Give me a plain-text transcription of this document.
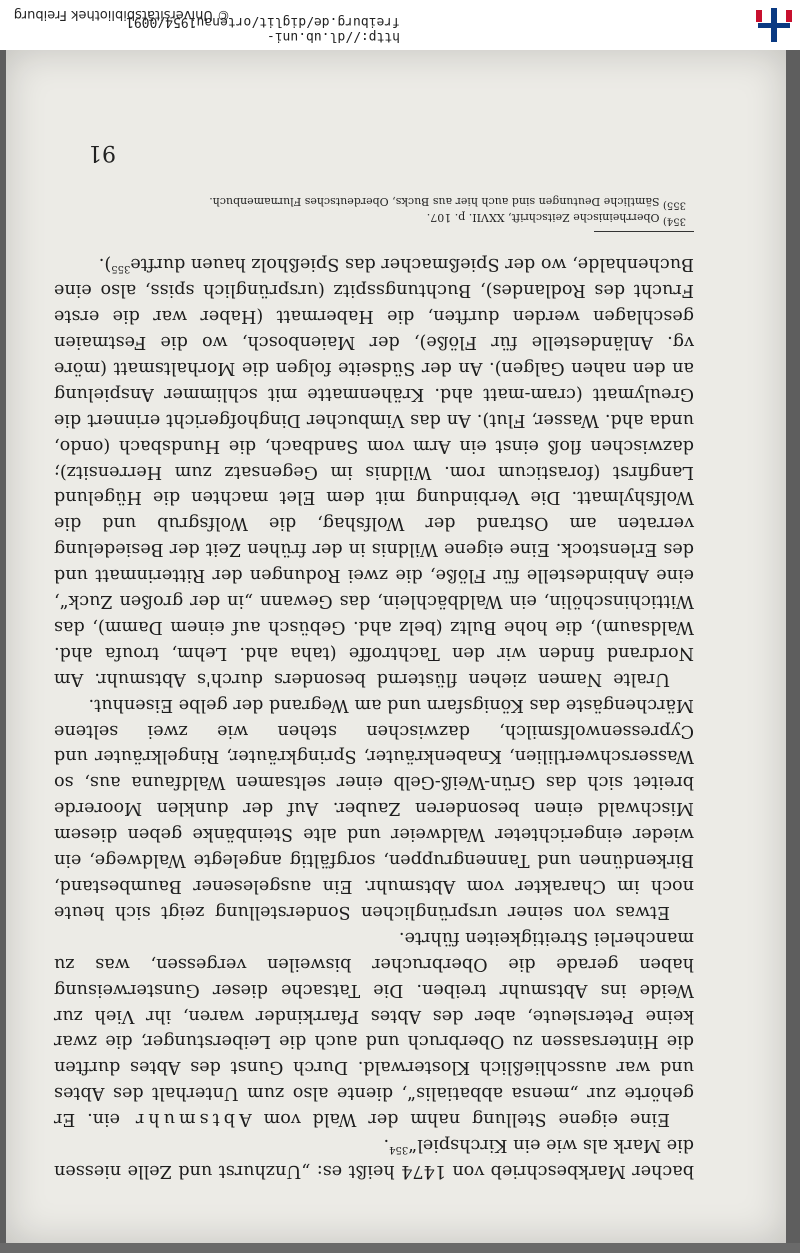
bacher Markbeschrieb von 1474 heißt es: „Unzhurst und Zelle niessen die Mark als wie ein Kirchspiel“$^{354}$.

Eine eigene Stellung nahm der Wald vom Abtsmuhr ein. Er gehörte zur „mensa abbatialis“, diente also zum Unterhalt des Abtes und war ausschließlich Klosterwald. Durch Gunst des Abtes durften die Hintersassen zu Oberbruch und auch die Leiberstunger, die zwar keine Petersleute, aber des Abtes Pfarrkinder waren, ihr Vieh zur Weide ins Abtsmuhr treiben. Die Tatsache dieser Gunsterweisung haben gerade die Oberbrucher bisweilen vergessen, was zu mancherlei Streitigkeiten führte.

Etwas von seiner ursprünglichen Sonderstellung zeigt sich heute noch im Charakter vom Abtsmuhr. Ein ausgelesener Baumbestand, Birkendünen und Tannengruppen, sorgfältig angelegte Waldwege, ein wieder eingerichteter Waldweier und alte Steinbänke geben diesem Mischwald einen besonderen Zauber. Auf der dunklen Moorerde breitet sich das Grün-Weiß-Gelb einer seltsamen Waldfauna aus, so Wasserschwertlilien, Knabenkräuter, Springkräuter, Ringelkräuter und Cypressenwolfsmilch, dazwischen stehen wie zwei seltene Märchengäste das Königsfarn und am Wegrand der gelbe Eisenhut.

Uralte Namen ziehen flüsternd besonders durch's Abtsmuhr. Am Nordrand finden wir den Tachtroffe (taha ahd. Lehm, troufa ahd. Waldsaum), die hohe Bultz (belz ahd. Gebüsch auf einem Damm), das Wittichinschölin, ein Waldbächlein, das Gewann „in der großen Zuck“, eine Anbindestelle für Flöße, die zwei Rodungen der Ritterinmatt und des Erlenstock. Eine eigene Wildnis in der frühen Zeit der Besiedelung verraten am Ostrand der Wolfshag, die Wolfsgrub und die Wolfshylmatt. Die Verbindung mit dem Elet machten die Hügelund Langfirst (forasticum rom. Wildnis im Gegensatz zum Herrensitz); dazwischen floß einst ein Arm vom Sandbach, die Hundsbach (ondo, unda ahd. Wasser, Flut). An das Vimbucher Dinghofgericht erinnert die Greulymatt (cram-matt ahd. Krähenmatte mit schlimmer Anspielung an den nahen Galgen). An der Südseite folgen die Morhaltsmatt (möre vg. Anländestelle für Flöße), der Maienbosch, wo die Festmaien geschlagen werden durften, die Habermatt (Haber war die erste Frucht des Rodlandes), Buchtungsspitz (ursprünglich spiss, also eine Buchenhalde, wo der Spießmacher das Spießholz hauen durfte$^{355}$).

354) Oberrheinische Zeitschrift, XXVII. p. 107.

355) Sämtliche Deutungen sind auch hier aus Bucks, Oberdeutsches Flurnamenbuch.

91
http://dl.ub.uni-freiburg.de/diglit/ortenau1954/0091
© Universitätsbibliothek Freiburg
